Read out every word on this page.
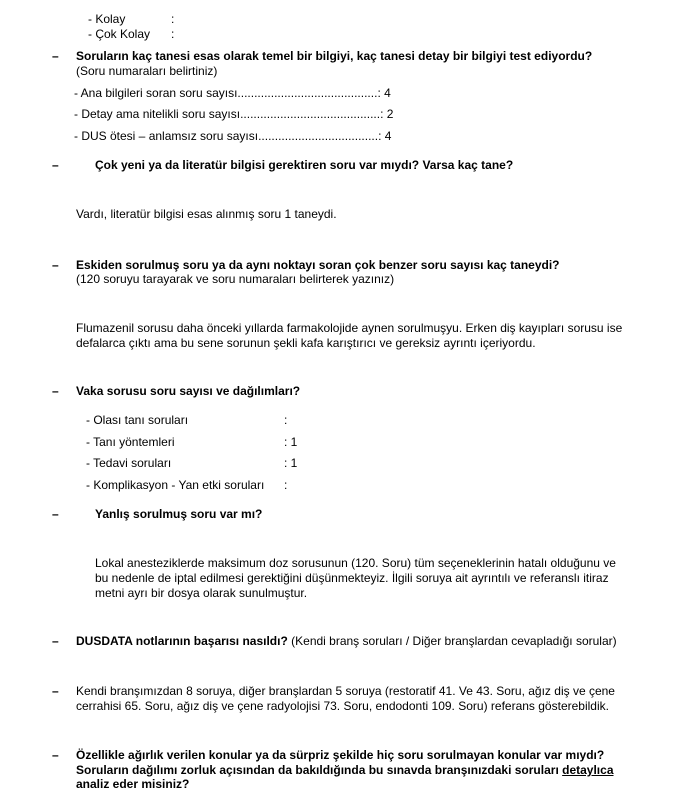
- Kolay	:
- Çok Kolay :
– Soruların kaç tanesi esas olarak temel bir bilgiyi, kaç tanesi detay bir bilgiyi test ediyordu?
(Soru numaraları belirtiniz)
- Ana bilgileri soran soru sayısı..........................................: 4
- Detay ama nitelikli soru sayısı..........................................: 2
- DUS ötesi – anlamsız soru sayısı....................................: 4
–	Çok yeni ya da literatür bilgisi gerektiren soru var mıydı? Varsa kaç tane?
Vardı, literatür bilgisi esas alınmış soru 1 taneydi.
– Eskiden sorulmuş soru ya da aynı noktayı soran çok benzer soru sayısı kaç taneydi?
(120 soruyu tarayarak ve soru numaraları belirterek yazınız)
Flumazenil sorusu daha önceki yıllarda farmakolojide aynen sorulmuşyu. Erken diş kayıpları sorusu ise
defalarca çıktı ama bu sene sorunun şekli kafa karıştırıcı ve gereksiz ayrıntı içeriyordu.
– Vaka sorusu soru sayısı ve dağılımları?
- Olası tanı soruları	:
- Tanı yöntemleri	: 1
- Tedavi soruları	: 1
- Komplikasyon - Yan etki soruları :
–	Yanlış sorulmuş soru var mı?
Lokal anesteziklerde maksimum doz sorusunun (120. Soru) tüm seçeneklerinin hatalı olduğunu ve
bu nedenle de iptal edilmesi gerektiğini düşünmekteyiz. İlgili soruya ait ayrıntılı ve referanslı itiraz
metni ayrı bir dosya olarak sunulmuştur.
– DUSDATA notlarının başarısı nasıldı? (Kendi branş soruları / Diğer branşlardan cevapladığı sorular)
– Kendi branşımızdan 8 soruya, diğer branşlardan 5 soruya (restoratif 41. Ve 43. Soru, ağız diş ve çene
cerrahisi 65. Soru, ağız diş ve çene radyolojisi 73. Soru, endodonti 109. Soru) referans gösterebildik.
– Özellikle ağırlık verilen konular ya da sürpriz şekilde hiç soru sorulmayan konular var mıydı?
Soruların dağılımı zorluk açısından da bakıldığında bu sınavda branşınızdaki soruları detaylıca
analiz eder misiniz?
